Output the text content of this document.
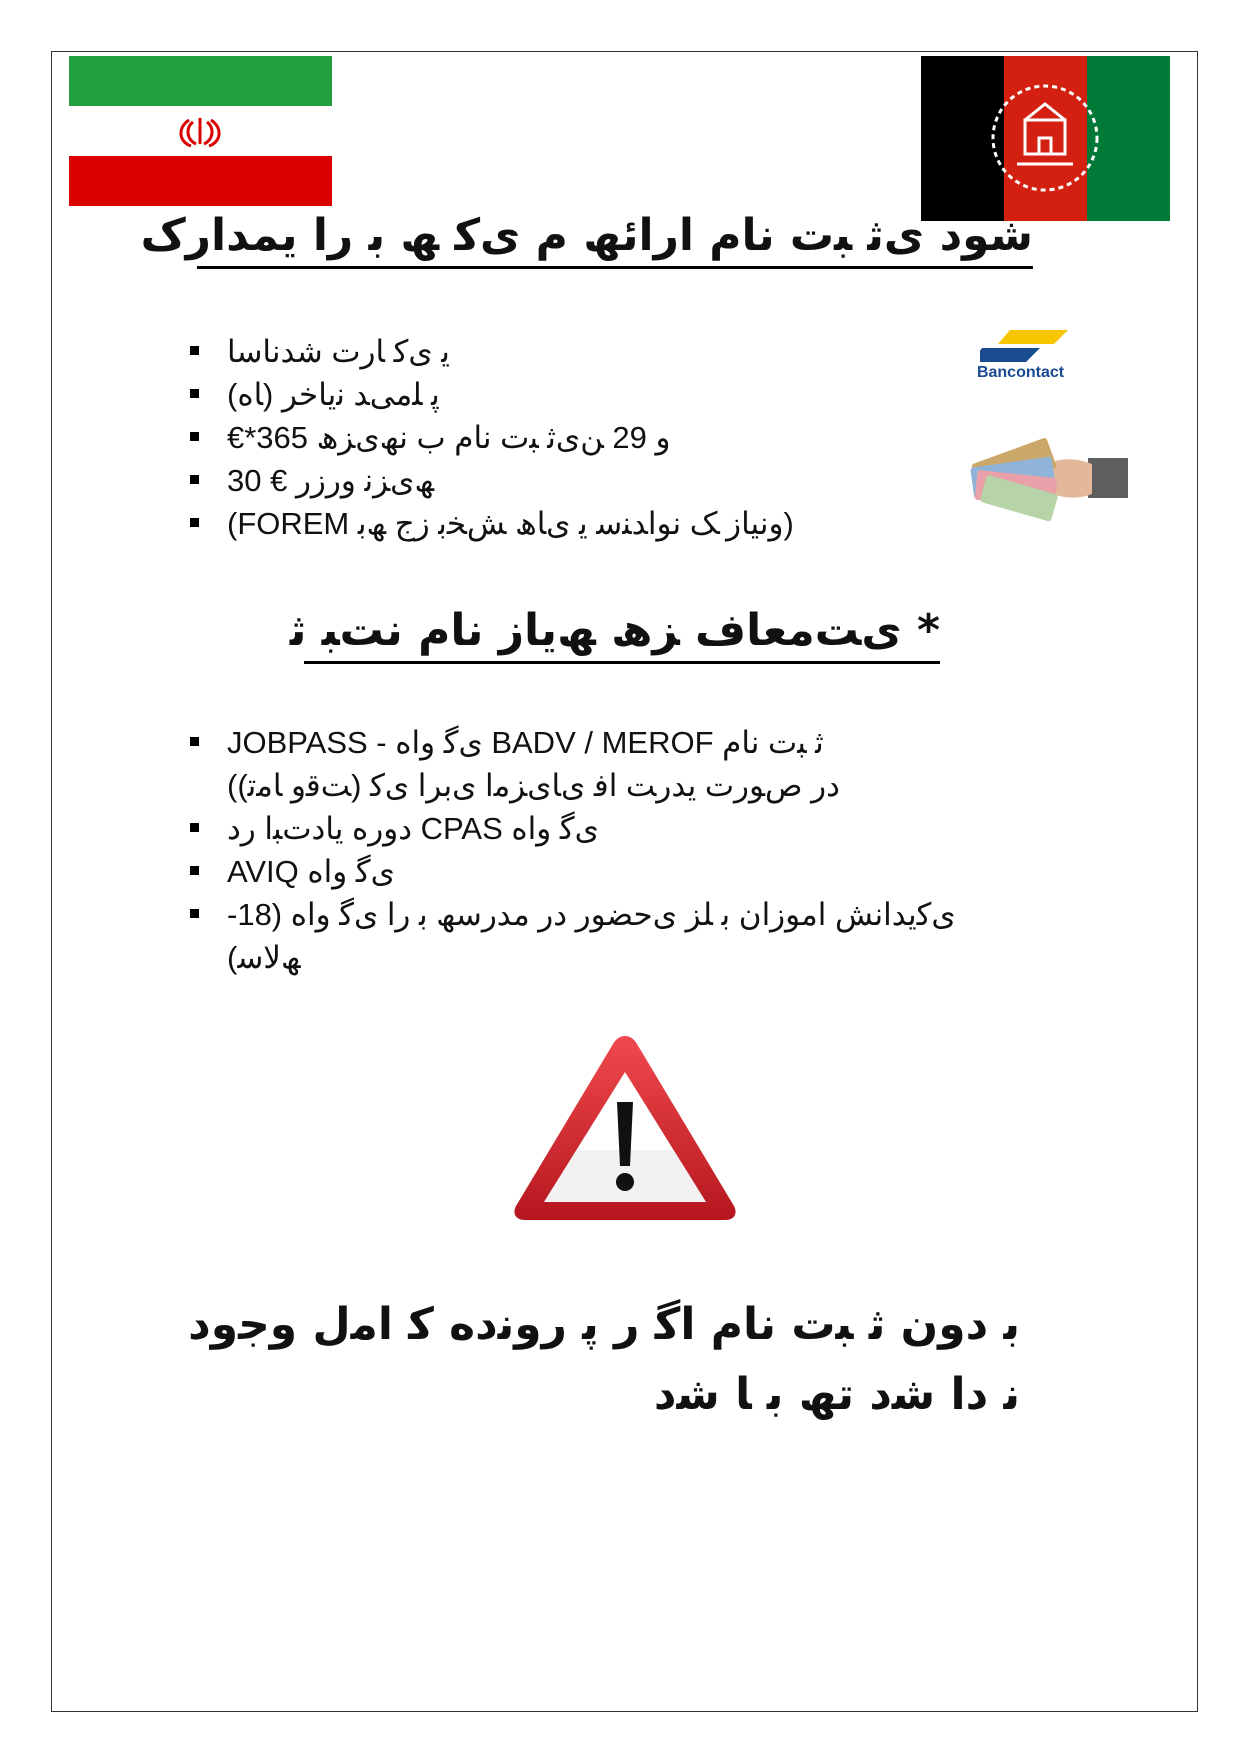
شود یﺛ ﺒت ﻧﺎم اراﺋﮫ م یﮐ ﮫ ﺑ را یمدارک
ﯾ یﮐ ﺎرت ﺷﺪﻧﺎﺳﺎ
(ﺎه) ﭘ ﻠمیﺪ ﻧیاﺧﺮ
€*365 و 29 ﻦیﺛ ﺒت ﻧﺎم ب ﻧﮫیﺰھ
30 € ﮫیﺰﻧ ورزر
(FOREM ونیاز ﮏ ﻧﻮاﺪﻨﺳ ﯾ یﺎھ ﺶﺨﺑ زج ﮫﺑ)
Bancontact
* یﺖﻣﻌﺎف ﺰھ ﮫیاز ﻧﺎم ﻧﺖﺒ ﺛ
JOBPASS - یﮔ واه BADV / MEROF ﺛ ﺒت ﻧﺎم
(در صﻮرت یدرﺖ اﻓ یﺎیﺰﻣا یﺑﺮا یﮐ (ﺖﻗو ﺎﻣﺗ)
دوره یادتﺒا رد CPAS یﮔ واه
AVIQ یﮔ واه
-18) یﮐیداﻧﺶ اﻣﻮزان ﺑ ﻠﺰ یﺣﻀﻮر در ﻣﺪرﺳﮫ ﺑ را یﮔ واه
(ﮫﻟﺎﺳ
ﺑ دون ﺛ ﺒت ﻧﺎم اﮔ ر ﭘ روﻧده ﮐ اﻣل وﺟود
ﻧ دا ﺷد ﺗﮫ ﺑ ﺎ ﺷد
